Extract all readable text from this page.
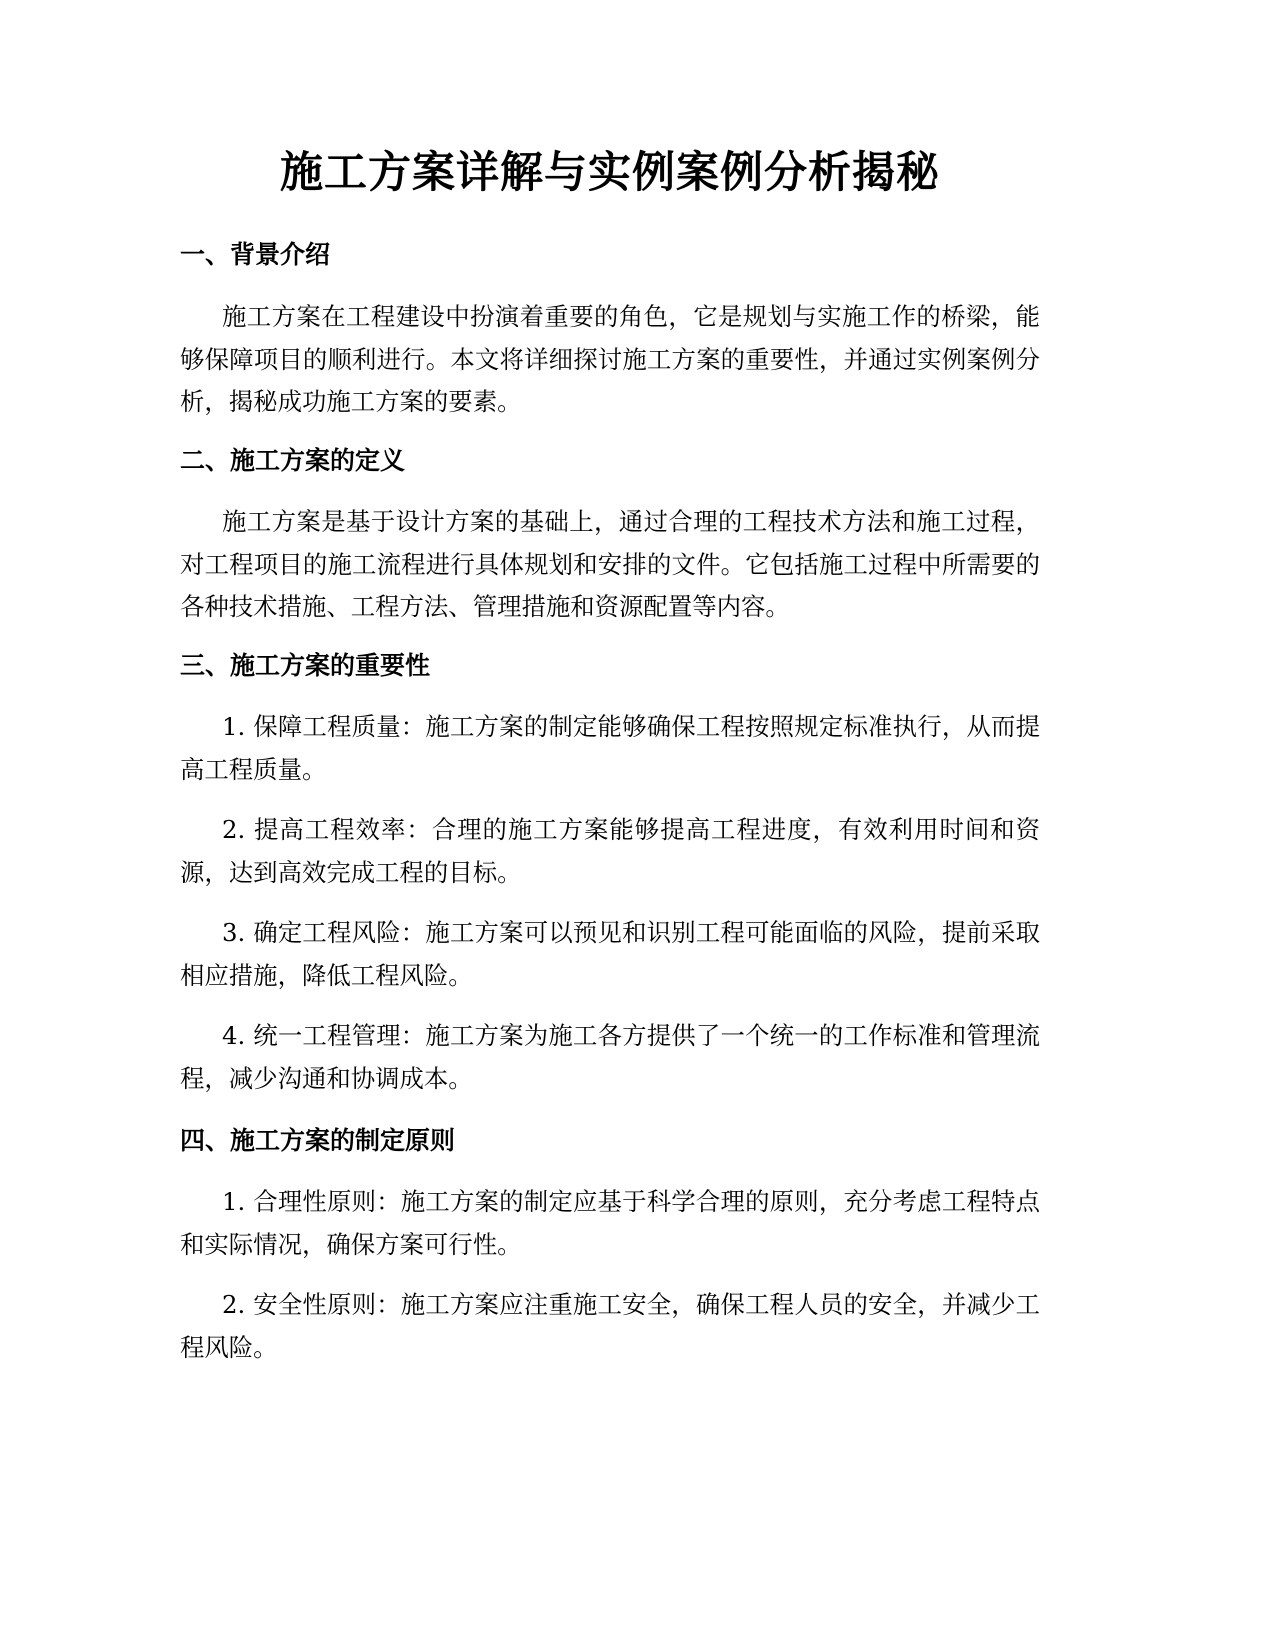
施工方案详解与实例案例分析揭秘
一、背景介绍

施工方案在工程建设中扮演着重要的角色，它是规划与实施工作的桥梁，能够保障项目的顺利进行。本文将详细探讨施工方案的重要性，并通过实例案例分析，揭秘成功施工方案的要素。

二、施工方案的定义

施工方案是基于设计方案的基础上，通过合理的工程技术方法和施工过程，对工程项目的施工流程进行具体规划和安排的文件。它包括施工过程中所需要的各种技术措施、工程方法、管理措施和资源配置等内容。

三、施工方案的重要性

1. 保障工程质量：施工方案的制定能够确保工程按照规定标准执行，从而提高工程质量。

2. 提高工程效率：合理的施工方案能够提高工程进度，有效利用时间和资源，达到高效完成工程的目标。

3. 确定工程风险：施工方案可以预见和识别工程可能面临的风险，提前采取相应措施，降低工程风险。

4. 统一工程管理：施工方案为施工各方提供了一个统一的工作标准和管理流程，减少沟通和协调成本。

四、施工方案的制定原则

1. 合理性原则：施工方案的制定应基于科学合理的原则，充分考虑工程特点和实际情况，确保方案可行性。

2. 安全性原则：施工方案应注重施工安全，确保工程人员的安全，并减少工程风险。
